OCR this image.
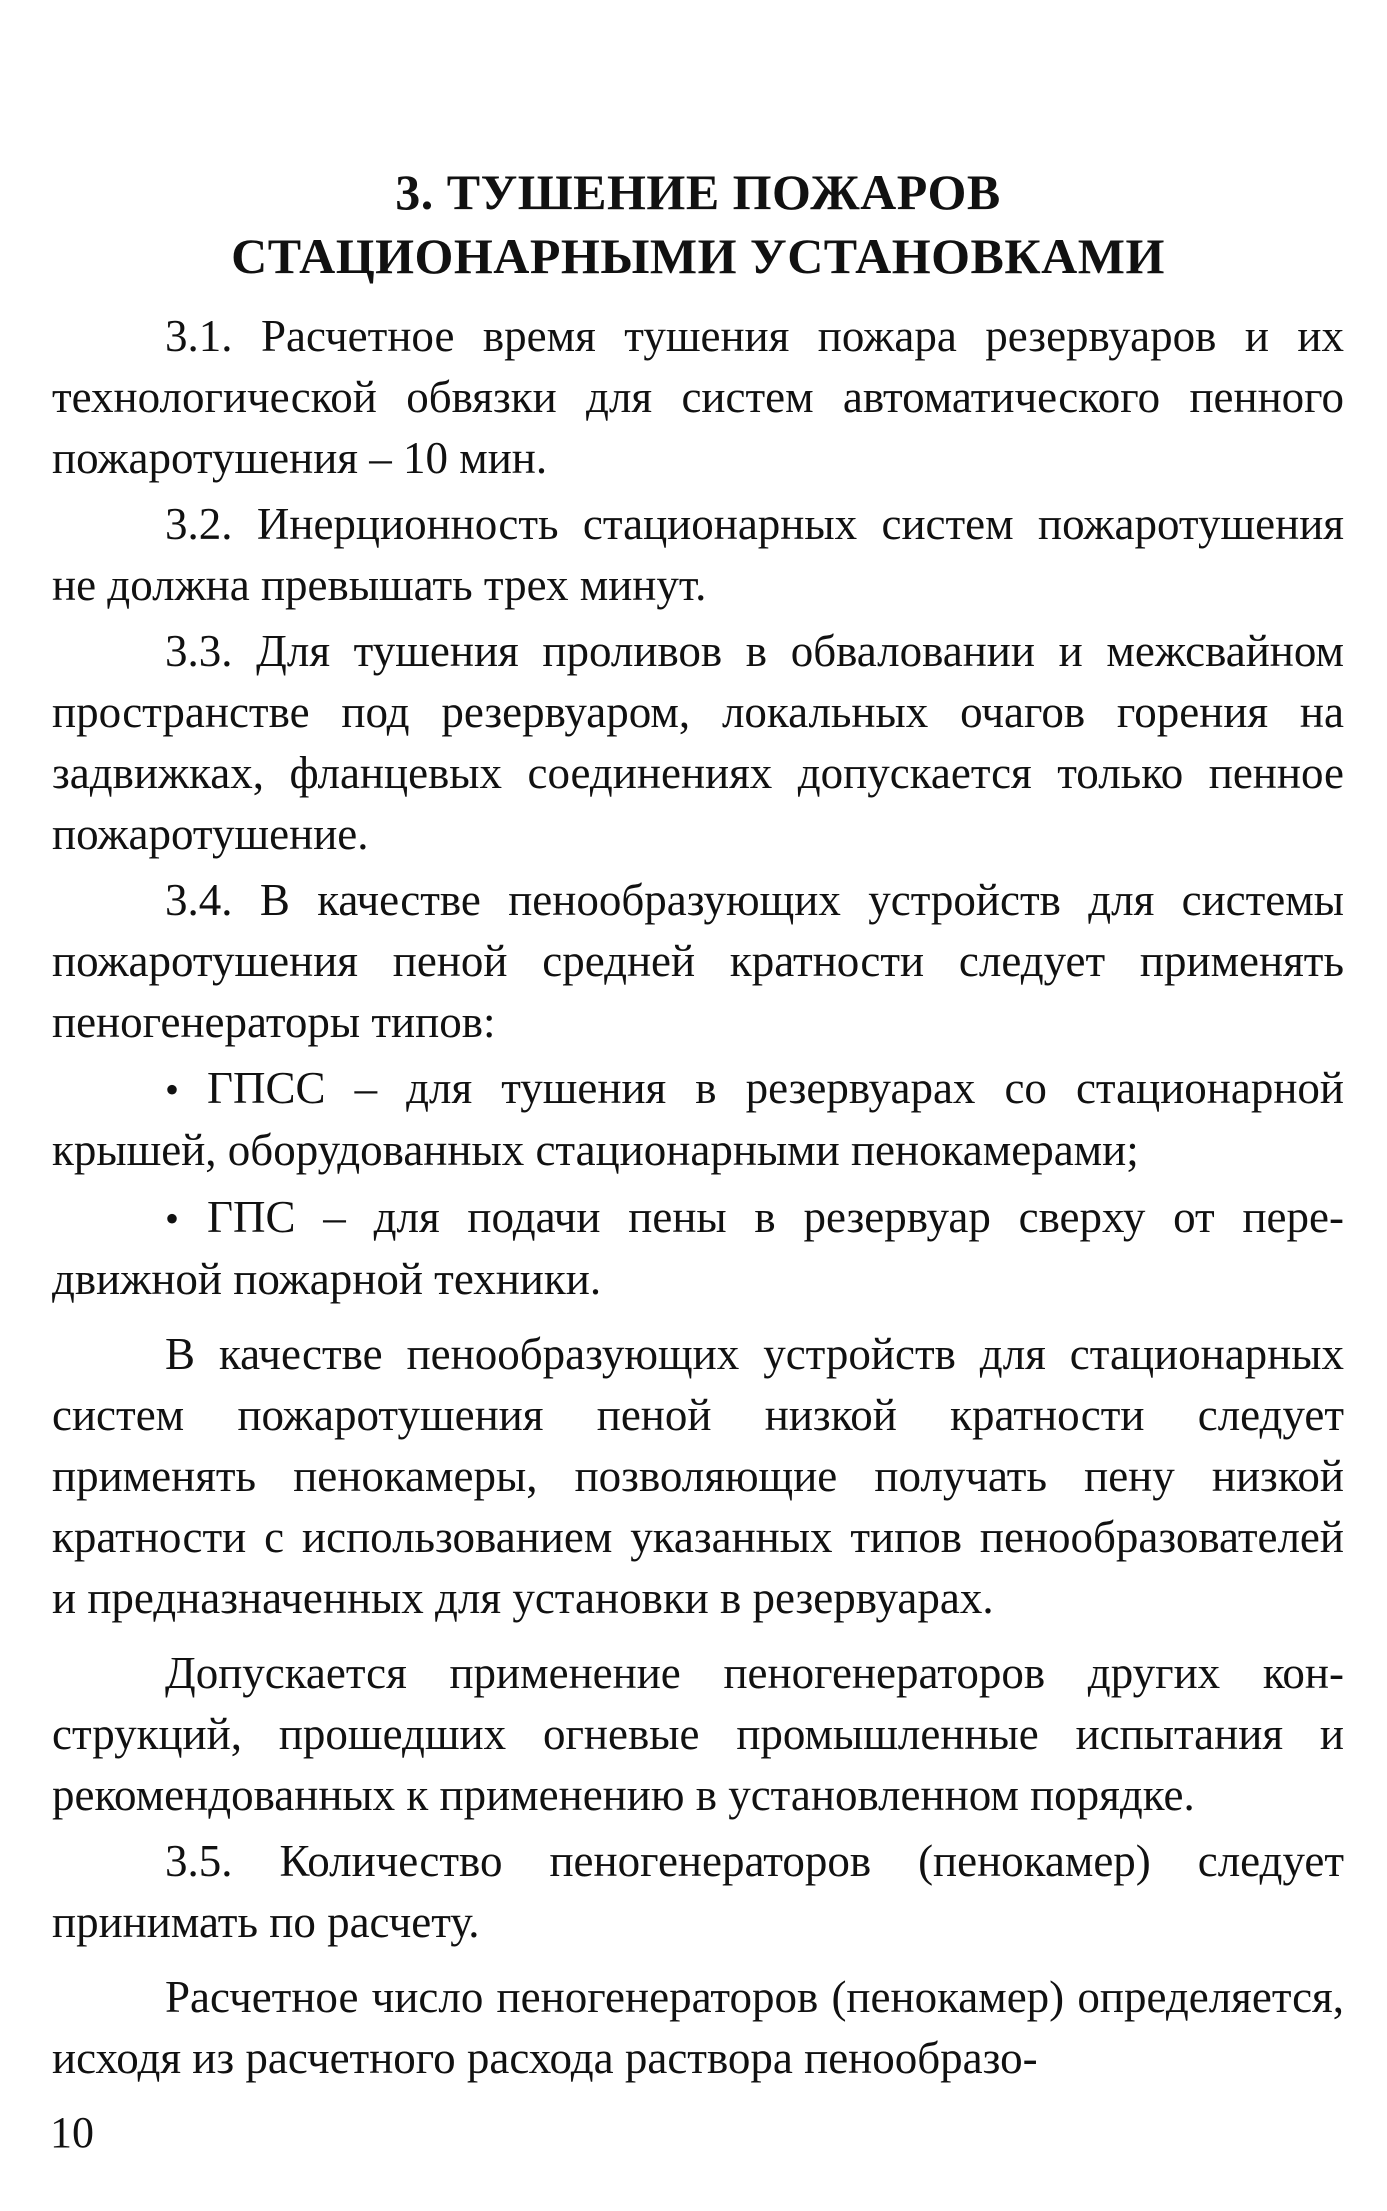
3. ТУШЕНИЕ ПОЖАРОВ
СТАЦИОНАРНЫМИ УСТАНОВКАМИ

3.1. Расчетное время тушения пожара резервуаров и их технологической обвязки для систем автоматического пенного пожаротушения – 10 мин.

3.2. Инерционность стационарных систем пожаротушения не должна превышать трех минут.

3.3. Для тушения проливов в обваловании и межсвайном пространстве под резервуаром, локальных очагов горения на задвижках, фланцевых соединениях допускается только пенное пожаротушение.

3.4. В качестве пенообразующих устройств для системы пожаротушения пеной средней кратности следует применять пеногенераторы типов:

• ГПСС – для тушения в резервуарах со стационарной крышей, оборудованных стационарными пенокамерами;
• ГПС – для подачи пены в резервуар сверху от передвижной пожарной техники.

В качестве пенообразующих устройств для стационарных систем пожаротушения пеной низкой кратности следует применять пенокамеры, позволяющие получать пену низкой кратности с использованием указанных типов пенообразователей и предназначенных для установки в резервуарах.

Допускается применение пеногенераторов других конструкций, прошедших огневые промышленные испытания и рекомендованных к применению в установленном порядке.

3.5. Количество пеногенераторов (пенокамер) следует принимать по расчету.

Расчетное число пеногенераторов (пенокамер) определяется, исходя из расчетного расхода раствора пенообразо-

10
